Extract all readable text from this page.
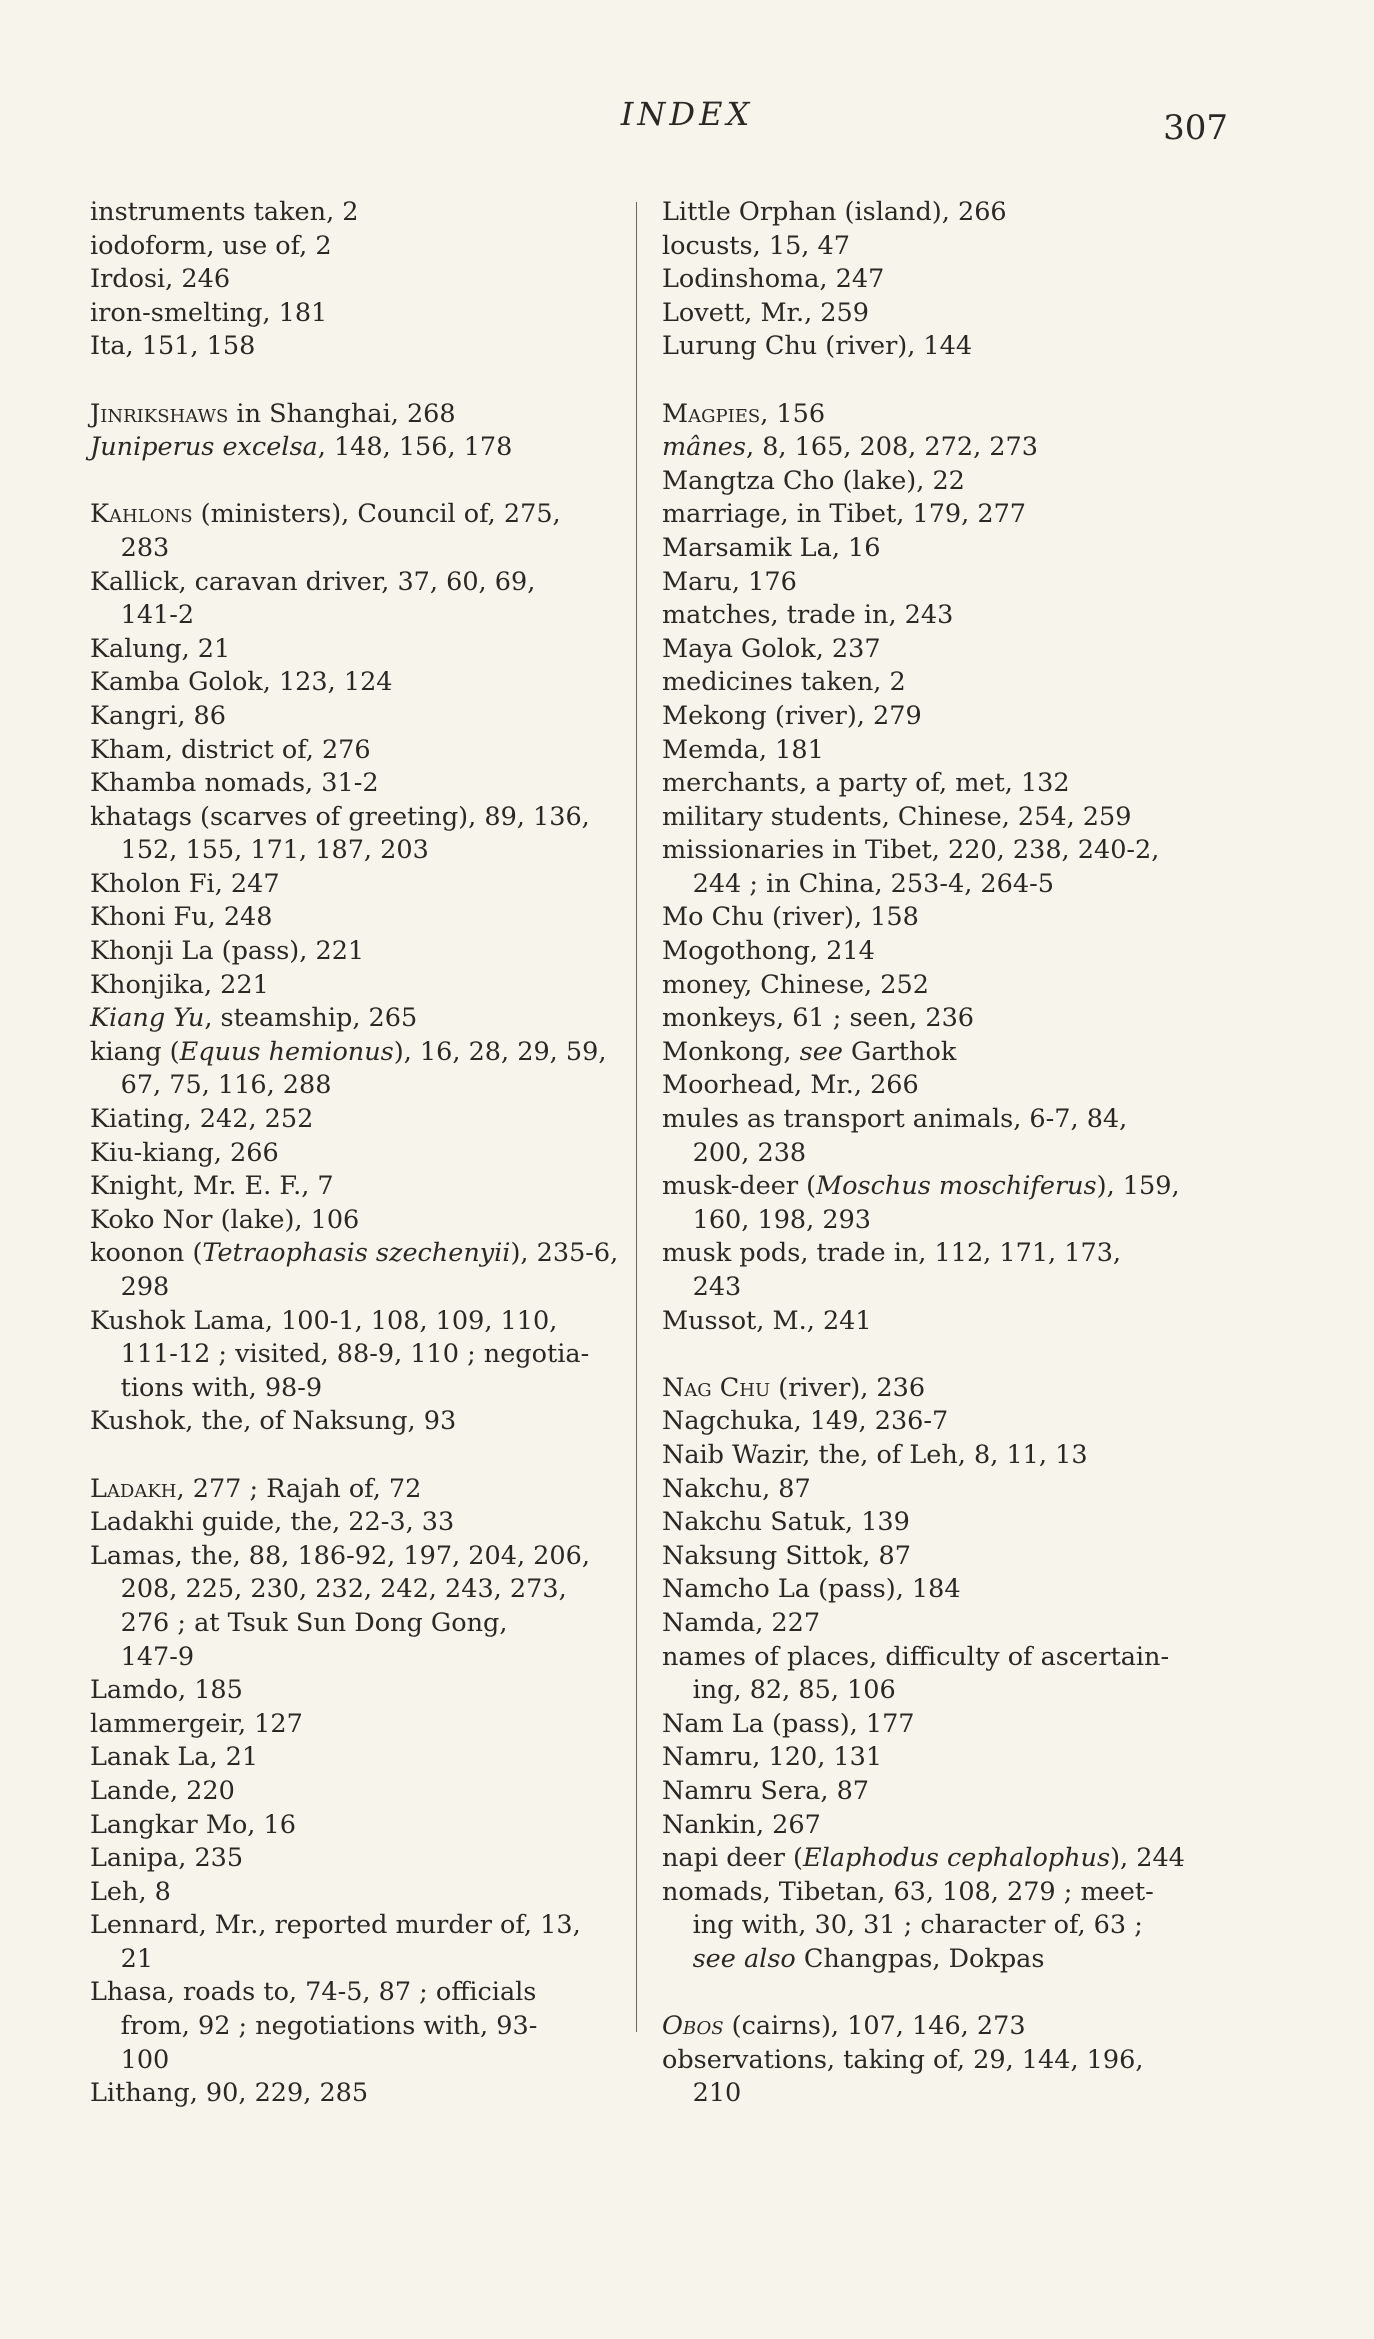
INDEX	307
instruments taken, 2
iodoform, use of, 2
Irdosi, 246
iron-smelting, 181
Ita, 151, 158
Jinrikshaws in Shanghai, 268
Juniperus excelsa, 148, 156, 178
Kahlons (ministers), Council of, 275,
283
Kallick, caravan driver, 37, 60, 69,
141-2
Kalung, 21
Kamba Golok, 123, 124
Kangri, 86
Kham, district of, 276
Khamba nomads, 31-2
khatags (scarves of greeting), 89, 136,
152, 155, 171, 187, 203
Kholon Fi, 247
Khoni Fu, 248
Khonji La (pass), 221
Khonjika, 221
Kiang Yu, steamship, 265
kiang (Equus hemionus), 16, 28, 29, 59,
67, 75, 116, 288
Kiating, 242, 252
Kiu-kiang, 266
Knight, Mr. E. F., 7
Koko Nor (lake), 106
koonon (Tetraophasis szechenyii), 235-6,
298
Kushok Lama, 100-1, 108, 109, 110,
111-12 ; visited, 88-9, 110 ; negotia-
tions with, 98-9
Kushok, the, of Naksung, 93
Ladakh, 277 ; Rajah of, 72
Ladakhi guide, the, 22-3, 33
Lamas, the, 88, 186-92, 197, 204, 206,
208, 225, 230, 232, 242, 243, 273,
276 ; at Tsuk Sun Dong Gong,
147-9
Lamdo, 185
lammergeir, 127
Lanak La, 21
Lande, 220
Langkar Mo, 16
Lanipa, 235
Leh, 8
Lennard, Mr., reported murder of, 13,
21
Lhasa, roads to, 74-5, 87 ; officials
from, 92 ; negotiations with, 93-
100
Lithang, 90, 229, 285
Little Orphan (island), 266
locusts, 15, 47
Lodinshoma, 247
Lovett, Mr., 259
Lurung Chu (river), 144
Magpies, 156
mânes, 8, 165, 208, 272, 273
Mangtza Cho (lake), 22
marriage, in Tibet, 179, 277
Marsamik La, 16
Maru, 176
matches, trade in, 243
Maya Golok, 237
medicines taken, 2
Mekong (river), 279
Memda, 181
merchants, a party of, met, 132
military students, Chinese, 254, 259
missionaries in Tibet, 220, 238, 240-2,
244 ; in China, 253-4, 264-5
Mo Chu (river), 158
Mogothong, 214
money, Chinese, 252
monkeys, 61 ; seen, 236
Monkong, see Garthok
Moorhead, Mr., 266
mules as transport animals, 6-7, 84,
200, 238
musk-deer (Moschus moschiferus), 159,
160, 198, 293
musk pods, trade in, 112, 171, 173,
243
Mussot, M., 241
Nag Chu (river), 236
Nagchuka, 149, 236-7
Naib Wazir, the, of Leh, 8, 11, 13
Nakchu, 87
Nakchu Satuk, 139
Naksung Sittok, 87
Namcho La (pass), 184
Namda, 227
names of places, difficulty of ascertain-
ing, 82, 85, 106
Nam La (pass), 177
Namru, 120, 131
Namru Sera, 87
Nankin, 267
napi deer (Elaphodus cephalophus), 244
nomads, Tibetan, 63, 108, 279 ; meet-
ing with, 30, 31 ; character of, 63 ;
see also Changpas, Dokpas
Obos (cairns), 107, 146, 273
observations, taking of, 29, 144, 196,
210
